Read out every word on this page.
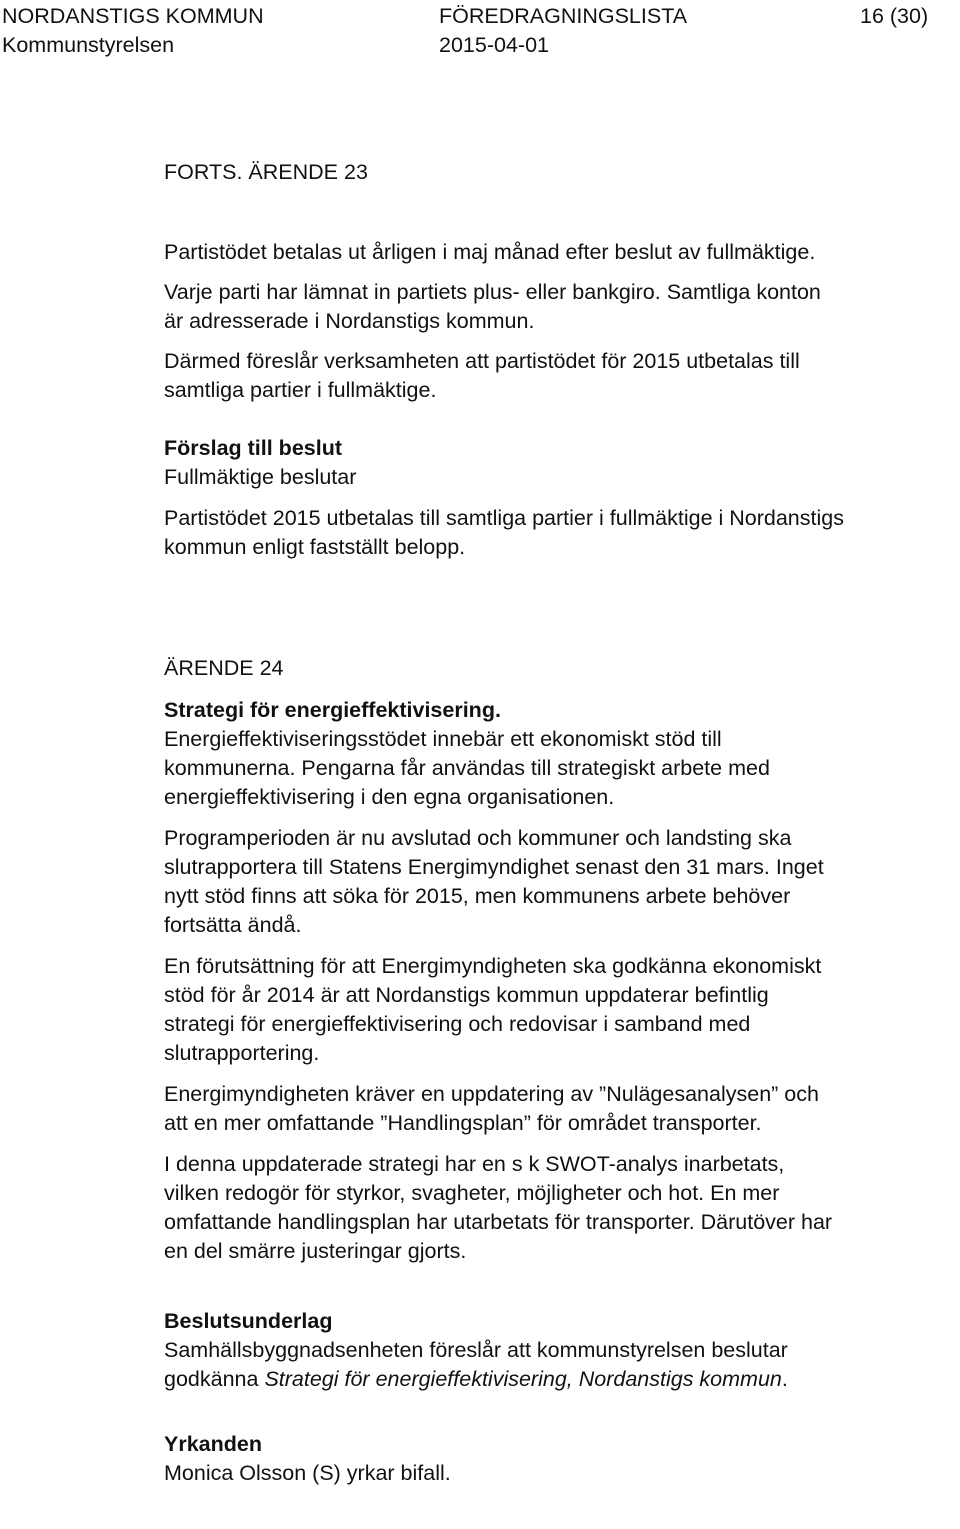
NORDANSTIGS KOMMUN	FÖREDRAGNINGSLISTA	16 (30)
Kommunstyrelsen	2015-04-01

FORTS. ÄRENDE 23

Partistödet betalas ut årligen i maj månad efter beslut av fullmäktige.

Varje parti har lämnat in partiets plus- eller bankgiro. Samtliga konton

är adresserade i Nordanstigs kommun.

Därmed föreslår verksamheten att partistödet för 2015 utbetalas till

samtliga partier i fullmäktige.

Förslag till beslut

Fullmäktige beslutar

Partistödet 2015 utbetalas till samtliga partier i fullmäktige i Nordanstigs

kommun enligt fastställt belopp.

ÄRENDE 24

Strategi för energieffektivisering.

Energieffektiviseringsstödet innebär ett ekonomiskt stöd till

kommunerna. Pengarna får användas till strategiskt arbete med

energieffektivisering i den egna organisationen.

Programperioden är nu avslutad och kommuner och landsting ska

slutrapportera till Statens Energimyndighet senast den 31 mars. Inget

nytt stöd finns att söka för 2015, men kommunens arbete behöver

fortsätta ändå.

En förutsättning för att Energimyndigheten ska godkänna ekonomiskt

stöd för år 2014 är att Nordanstigs kommun uppdaterar befintlig

strategi för energieffektivisering och redovisar i samband med

slutrapportering.

Energimyndigheten kräver en uppdatering av ”Nulägesanalysen” och

att en mer omfattande ”Handlingsplan” för området transporter.

I denna uppdaterade strategi har en s k SWOT-analys inarbetats,

vilken redogör för styrkor, svagheter, möjligheter och hot. En mer

omfattande handlingsplan har utarbetats för transporter. Därutöver har

en del smärre justeringar gjorts.

Beslutsunderlag

Samhällsbyggnadsenheten föreslår att kommunstyrelsen beslutar

godkänna Strategi för energieffektivisering, Nordanstigs kommun.

Yrkanden

Monica Olsson (S) yrkar bifall.
